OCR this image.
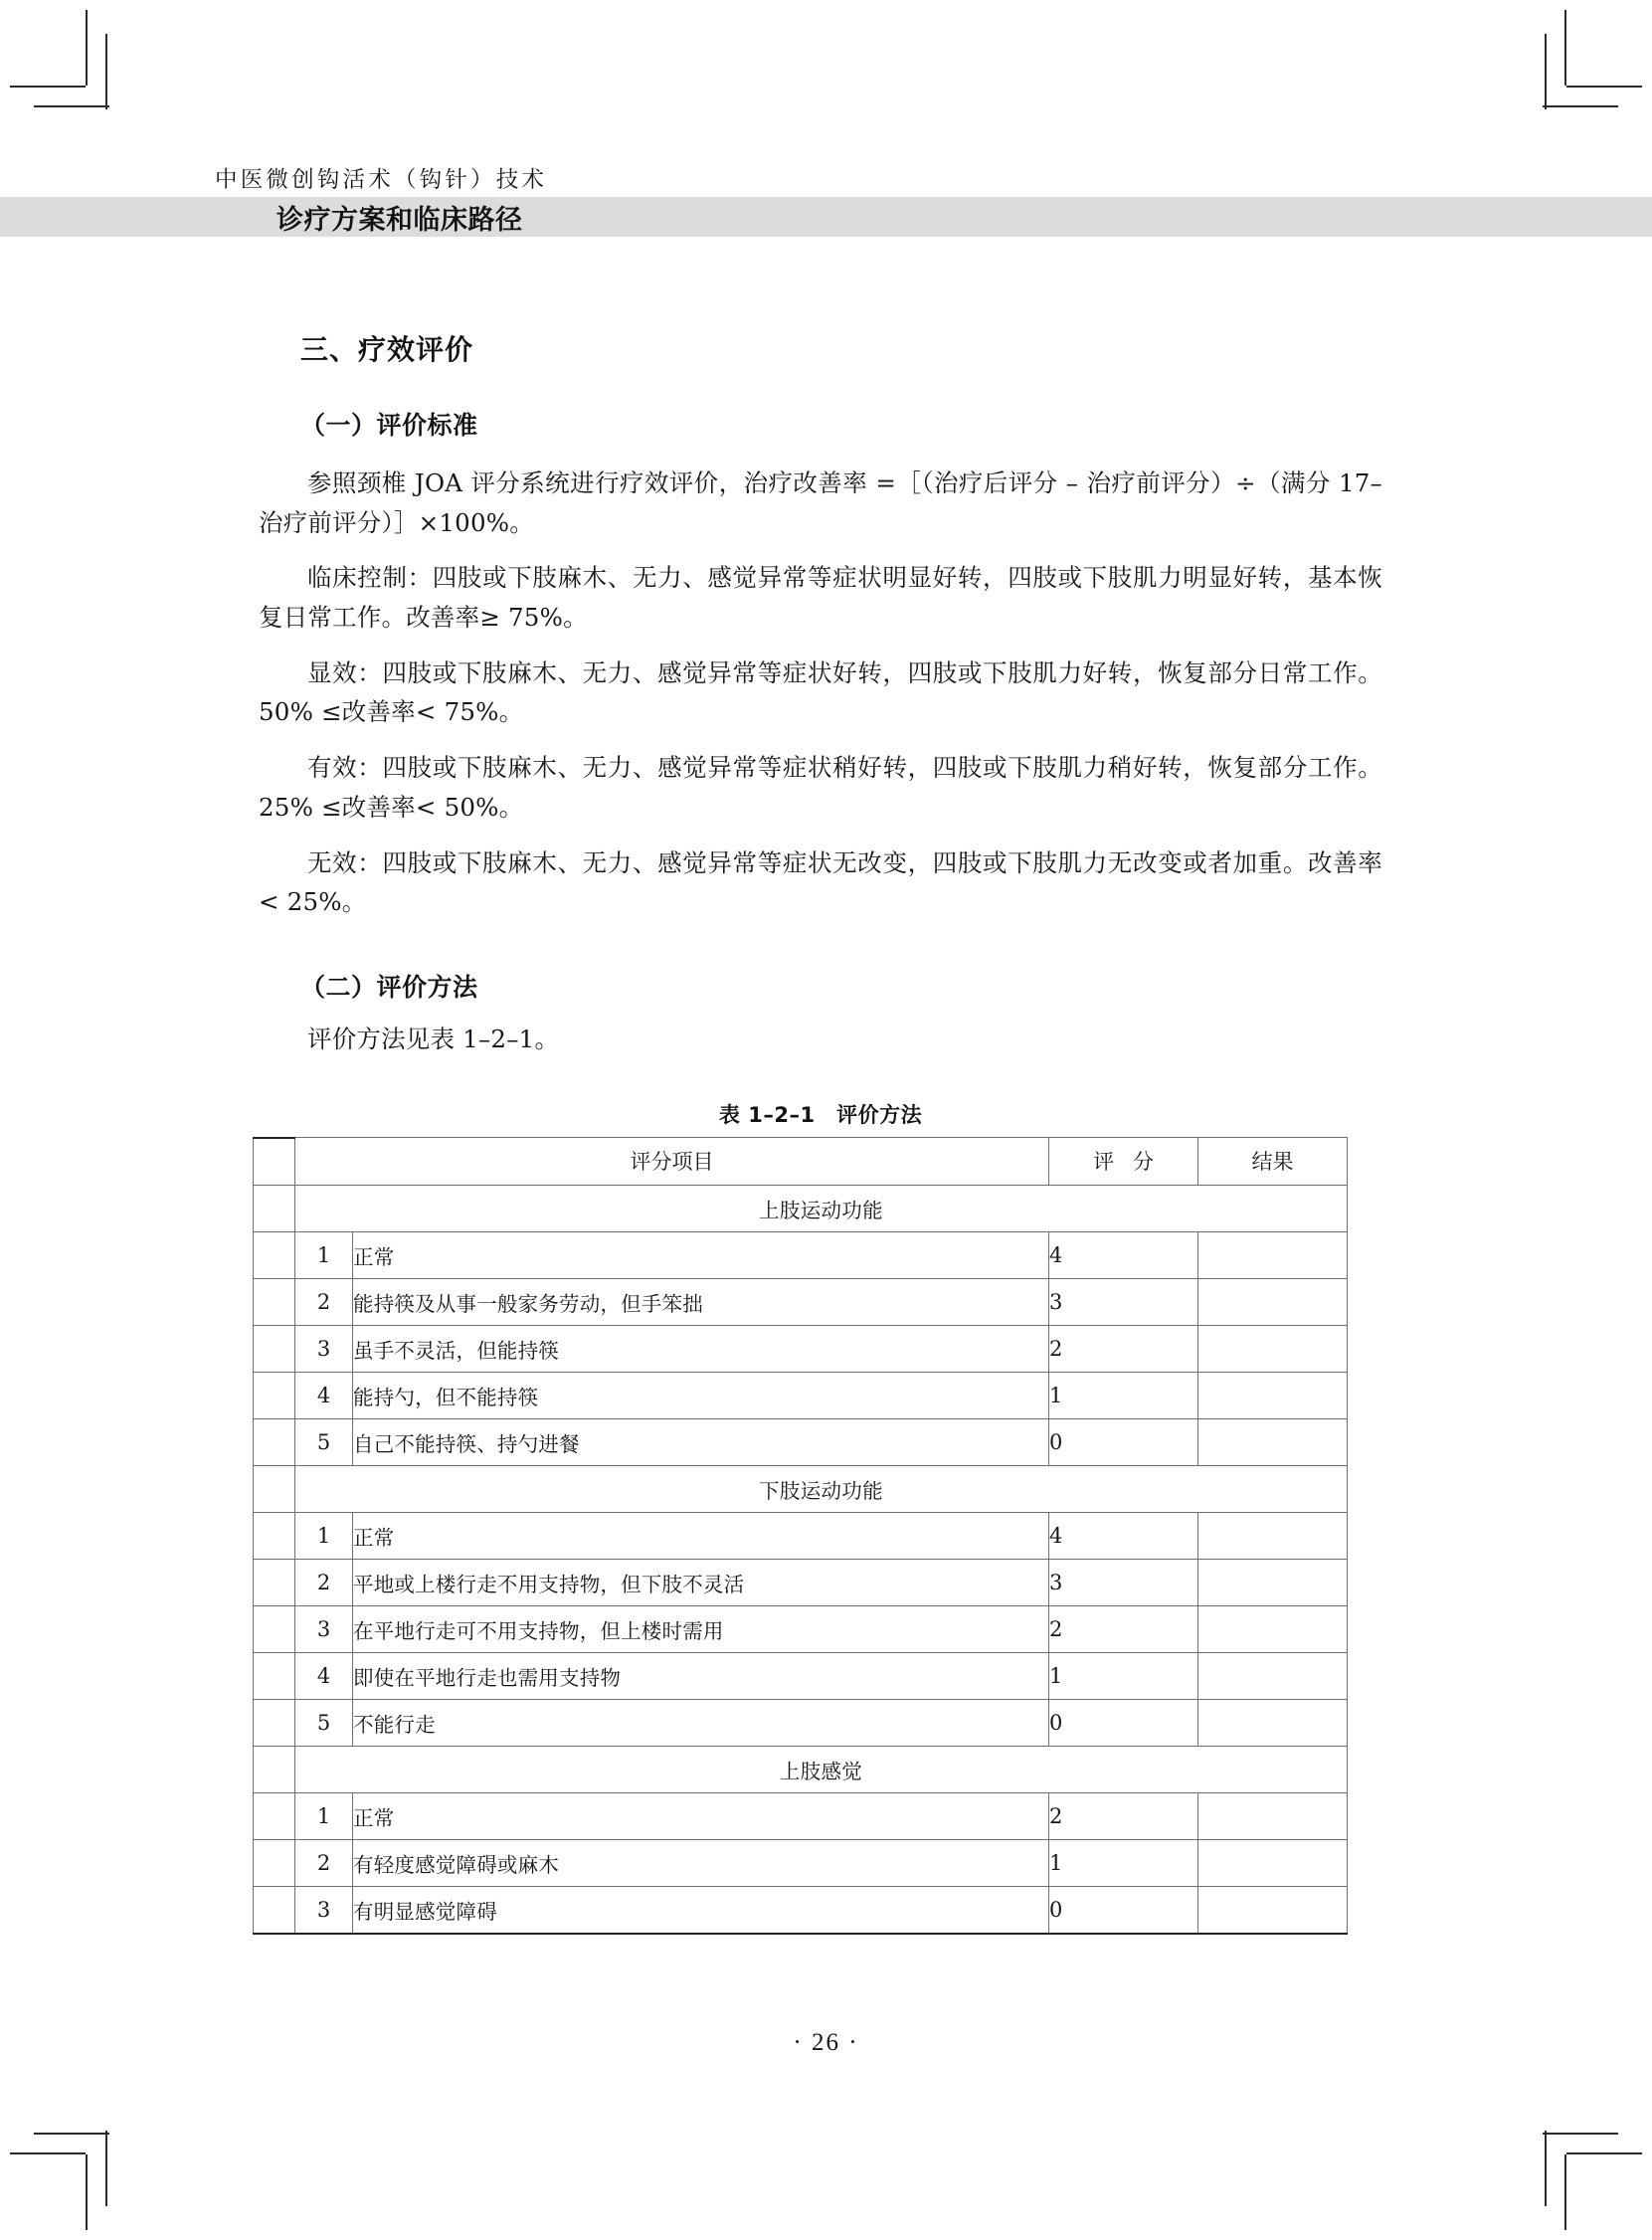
中医微创钩活术（钩针）技术
诊疗方案和临床路径
三、疗效评价
（一）评价标准

参照颈椎 JOA 评分系统进行疗效评价，治疗改善率 =［（治疗后评分 – 治疗前评分）÷（满分 17– 治疗前评分）］×100%。

临床控制：四肢或下肢麻木、无力、感觉异常等症状明显好转，四肢或下肢肌力明显好转，基本恢复日常工作。改善率≥ 75%。

显效：四肢或下肢麻木、无力、感觉异常等症状好转，四肢或下肢肌力好转，恢复部分日常工作。50% ≤改善率< 75%。

有效：四肢或下肢麻木、无力、感觉异常等症状稍好转，四肢或下肢肌力稍好转，恢复部分工作。25% ≤改善率< 50%。

无效：四肢或下肢麻木、无力、感觉异常等症状无改变，四肢或下肢肌力无改变或者加重。改善率< 25%。

（二）评价方法

评价方法见表 1–2–1。

表 1–2–1　评价方法
	评分项目		评 分	结果
	上肢运动功能			
	1	正常	4	
	2	能持筷及从事一般家务劳动，但手笨拙	3	
	3	虽手不灵活，但能持筷	2	
	4	能持勺，但不能持筷	1	
	5	自己不能持筷、持勺进餐	0	
	下肢运动功能			
	1	正常	4	
	2	平地或上楼行走不用支持物，但下肢不灵活	3	
	3	在平地行走可不用支持物，但上楼时需用	2	
	4	即使在平地行走也需用支持物	1	
	5	不能行走	0	
	上肢感觉			
	1	正常	2	
	2	有轻度感觉障碍或麻木	1	
	3	有明显感觉障碍	0	
· 26 ·
